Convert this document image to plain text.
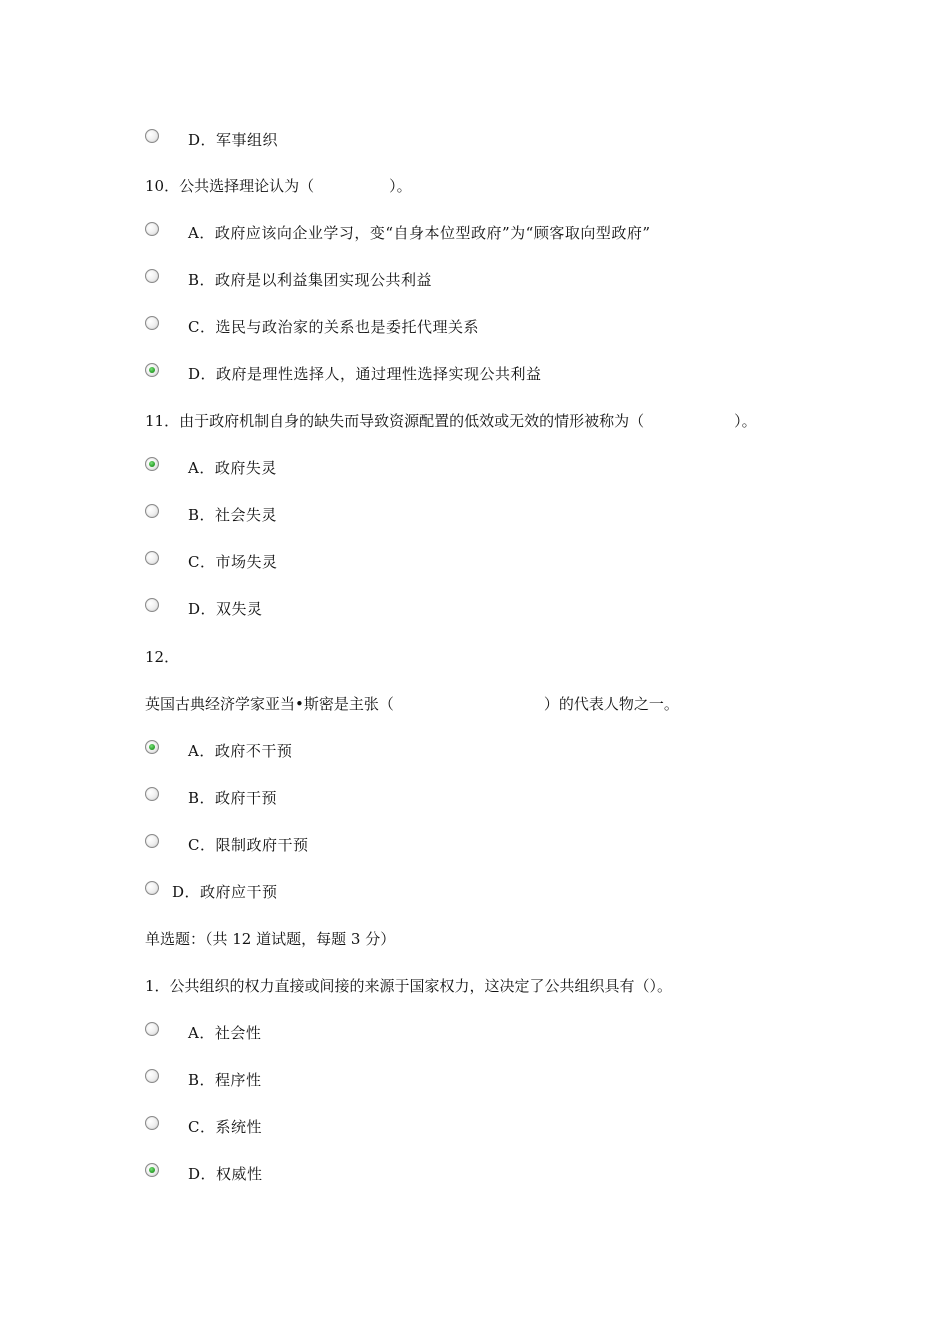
D．军事组织
10．公共选择理论认为（　　　　　）。
A．政府应该向企业学习，变“自身本位型政府”为“顾客取向型政府”
B．政府是以利益集团实现公共利益
C．选民与政治家的关系也是委托代理关系
D．政府是理性选择人，通过理性选择实现公共利益
11．由于政府机制自身的缺失而导致资源配置的低效或无效的情形被称为（　　　　　　）。
A．政府失灵
B．社会失灵
C．市场失灵
D．双失灵
12．
英国古典经济学家亚当•斯密是主张（　　　　　　　　　　）的代表人物之一。
A．政府不干预
B．政府干预
C．限制政府干预
D．政府应干预
单选题：（共 12 道试题，每题 3 分）
1．公共组织的权力直接或间接的来源于国家权力，这决定了公共组织具有（）。
A．社会性
B．程序性
C．系统性
D．权威性
